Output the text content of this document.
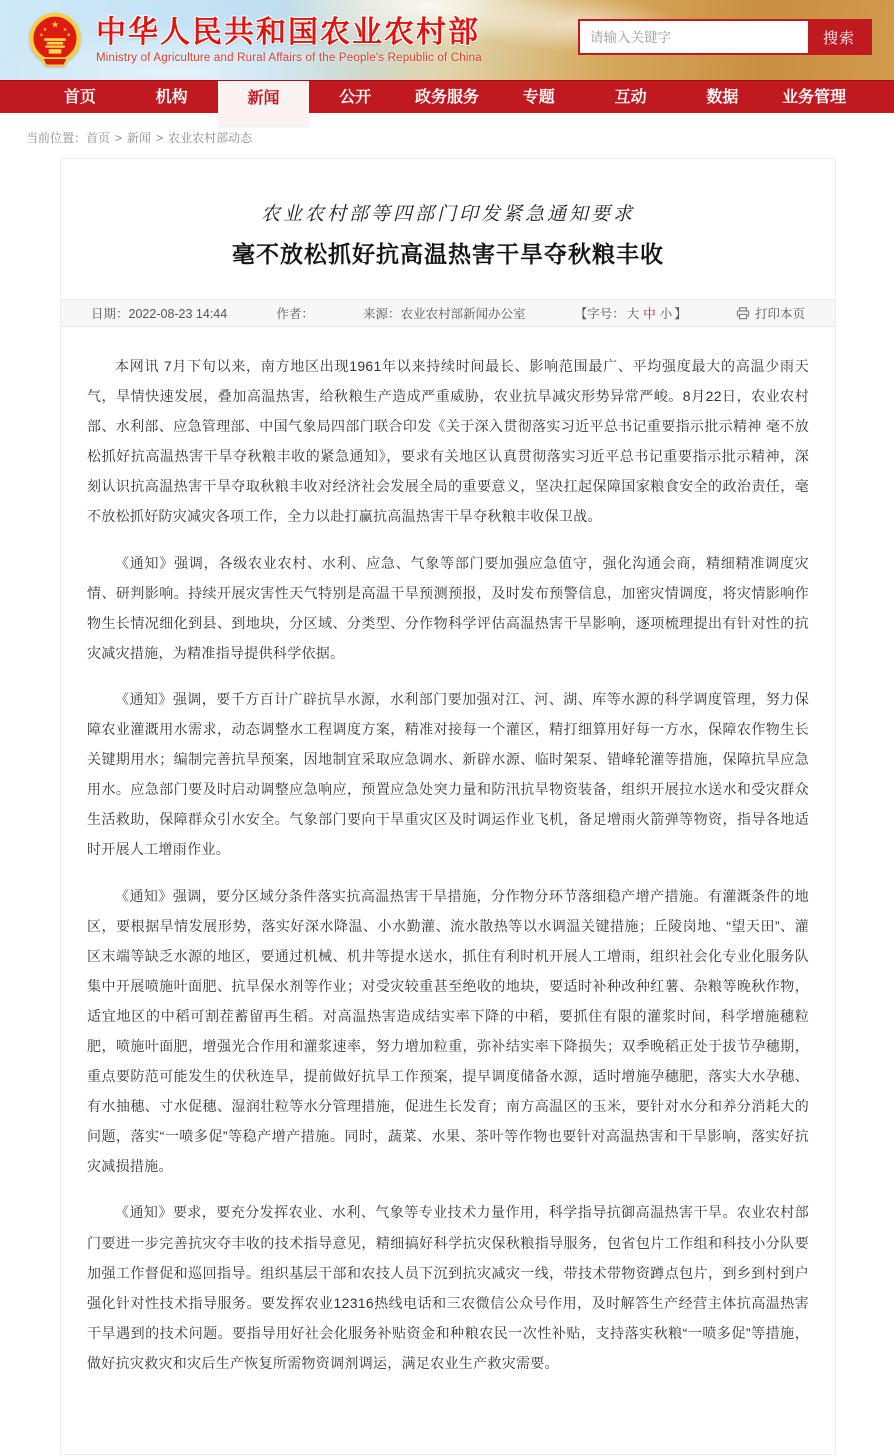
★
★	★
★	★ 中华人民共和国农业农村部
Ministry of Agriculture and Rural Affairs of the People's Republic of China
请输入关键字
搜索
首页	机构	新闻	公开	政务服务	专题	互动	数据	业务管理
当前位置：首页 > 新闻 > 农业农村部动态
农业农村部等四部门印发紧急通知要求
毫不放松抓好抗高温热害干旱夺秋粮丰收
日期：2022-08-23 14:44	作者：	来源：农业农村部新闻办公室	【字号： 大 中 小 】	打印本页

本网讯 7月下旬以来，南方地区出现1961年以来持续时间最长、影响范围最广、平均强度最大的高温少雨天气，旱情快速发展，叠加高温热害，给秋粮生产造成严重威胁，农业抗旱减灾形势异常严峻。8月22日，农业农村部、水利部、应急管理部、中国气象局四部门联合印发《关于深入贯彻落实习近平总书记重要指示批示精神 毫不放松抓好抗高温热害干旱夺秋粮丰收的紧急通知》，要求有关地区认真贯彻落实习近平总书记重要指示批示精神，深刻认识抗高温热害干旱夺取秋粮丰收对经济社会发展全局的重要意义，坚决扛起保障国家粮食安全的政治责任，毫不放松抓好防灾减灾各项工作，全力以赴打赢抗高温热害干旱夺秋粮丰收保卫战。

《通知》强调，各级农业农村、水利、应急、气象等部门要加强应急值守，强化沟通会商，精细精准调度灾情、研判影响。持续开展灾害性天气特别是高温干旱预测预报，及时发布预警信息，加密灾情调度，将灾情影响作物生长情况细化到县、到地块，分区域、分类型、分作物科学评估高温热害干旱影响，逐项梳理提出有针对性的抗灾减灾措施，为精准指导提供科学依据。

《通知》强调，要千方百计广辟抗旱水源，水利部门要加强对江、河、湖、库等水源的科学调度管理，努力保障农业灌溉用水需求，动态调整水工程调度方案，精准对接每一个灌区，精打细算用好每一方水，保障农作物生长关键期用水；编制完善抗旱预案，因地制宜采取应急调水、新辟水源、临时架泵、错峰轮灌等措施，保障抗旱应急用水。应急部门要及时启动调整应急响应，预置应急处突力量和防汛抗旱物资装备，组织开展拉水送水和受灾群众生活救助，保障群众引水安全。气象部门要向干旱重灾区及时调运作业飞机，备足增雨火箭弹等物资，指导各地适时开展人工增雨作业。

《通知》强调，要分区域分条件落实抗高温热害干旱措施，分作物分环节落细稳产增产措施。有灌溉条件的地区，要根据旱情发展形势，落实好深水降温、小水勤灌、流水散热等以水调温关键措施；丘陵岗地、“望天田”、灌区末端等缺乏水源的地区，要通过机械、机井等提水送水，抓住有利时机开展人工增雨，组织社会化专业化服务队集中开展喷施叶面肥、抗旱保水剂等作业；对受灾较重甚至绝收的地块，要适时补种改种红薯、杂粮等晚秋作物，适宜地区的中稻可割茬蓄留再生稻。对高温热害造成结实率下降的中稻，要抓住有限的灌浆时间，科学增施穗粒肥，喷施叶面肥，增强光合作用和灌浆速率，努力增加粒重，弥补结实率下降损失；双季晚稻正处于拔节孕穗期，重点要防范可能发生的伏秋连旱，提前做好抗旱工作预案，提早调度储备水源，适时增施孕穗肥，落实大水孕穗、有水抽穗、寸水促穗、湿润壮粒等水分管理措施，促进生长发育；南方高温区的玉米，要针对水分和养分消耗大的问题，落实“一喷多促”等稳产增产措施。同时，蔬菜、水果、茶叶等作物也要针对高温热害和干旱影响，落实好抗灾减损措施。

《通知》要求，要充分发挥农业、水利、气象等专业技术力量作用，科学指导抗御高温热害干旱。农业农村部门要进一步完善抗灾夺丰收的技术指导意见，精细搞好科学抗灾保秋粮指导服务，包省包片工作组和科技小分队要加强工作督促和巡回指导。组织基层干部和农技人员下沉到抗灾减灾一线，带技术带物资蹲点包片，到乡到村到户强化针对性技术指导服务。要发挥农业12316热线电话和三农微信公众号作用，及时解答生产经营主体抗高温热害干旱遇到的技术问题。要指导用好社会化服务补贴资金和种粮农民一次性补贴，支持落实秋粮“一喷多促”等措施，做好抗灾救灾和灾后生产恢复所需物资调剂调运，满足农业生产救灾需要。
